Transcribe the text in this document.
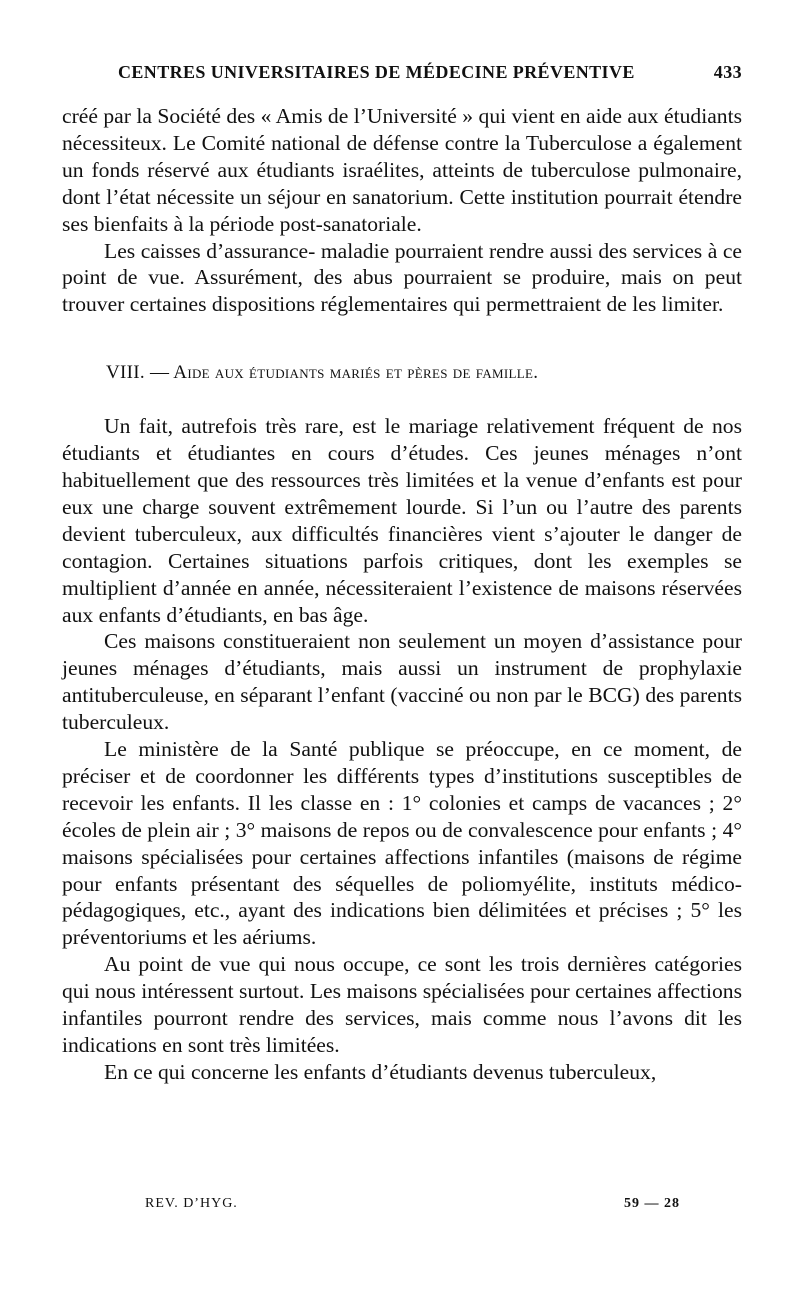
CENTRES UNIVERSITAIRES DE MÉDECINE PRÉVENTIVE	433

créé par la Société des « Amis de l’Université » qui vient en aide aux étudiants nécessiteux. Le Comité national de défense contre la Tuberculose a également un fonds réservé aux étudiants israélites, atteints de tuberculose pulmonaire, dont l’état nécessite un séjour en sanatorium. Cette institution pourrait étendre ses bienfaits à la période post-sanatoriale.

Les caisses d’assurance- maladie pourraient rendre aussi des services à ce point de vue. Assurément, des abus pourraient se produire, mais on peut trouver certaines dispositions réglementaires qui permettraient de les limiter.

VIII. — Aide aux étudiants mariés et pères de famille.

Un fait, autrefois très rare, est le mariage relativement fréquent de nos étudiants et étudiantes en cours d’études. Ces jeunes ménages n’ont habituellement que des ressources très limitées et la venue d’enfants est pour eux une charge souvent extrêmement lourde. Si l’un ou l’autre des parents devient tuberculeux, aux difficultés financières vient s’ajouter le danger de contagion. Certaines situations parfois critiques, dont les exemples se multiplient d’année en année, nécessiteraient l’existence de maisons réservées aux enfants d’étudiants, en bas âge.

Ces maisons constitueraient non seulement un moyen d’assistance pour jeunes ménages d’étudiants, mais aussi un instrument de prophylaxie antituberculeuse, en séparant l’enfant (vacciné ou non par le BCG) des parents tuberculeux.

Le ministère de la Santé publique se préoccupe, en ce moment, de préciser et de coordonner les différents types d’institutions susceptibles de recevoir les enfants. Il les classe en : 1° colonies et camps de vacances ; 2° écoles de plein air ; 3° maisons de repos ou de convalescence pour enfants ; 4° maisons spécialisées pour certaines affections infantiles (maisons de régime pour enfants présentant des séquelles de poliomyélite, instituts médico-pédagogiques, etc., ayant des indications bien délimitées et précises ; 5° les préventoriums et les aériums.

Au point de vue qui nous occupe, ce sont les trois dernières catégories qui nous intéressent surtout. Les maisons spécialisées pour certaines affections infantiles pourront rendre des services, mais comme nous l’avons dit les indications en sont très limitées.

En ce qui concerne les enfants d’étudiants devenus tuberculeux,

REV. D’HYG.	59 — 28
